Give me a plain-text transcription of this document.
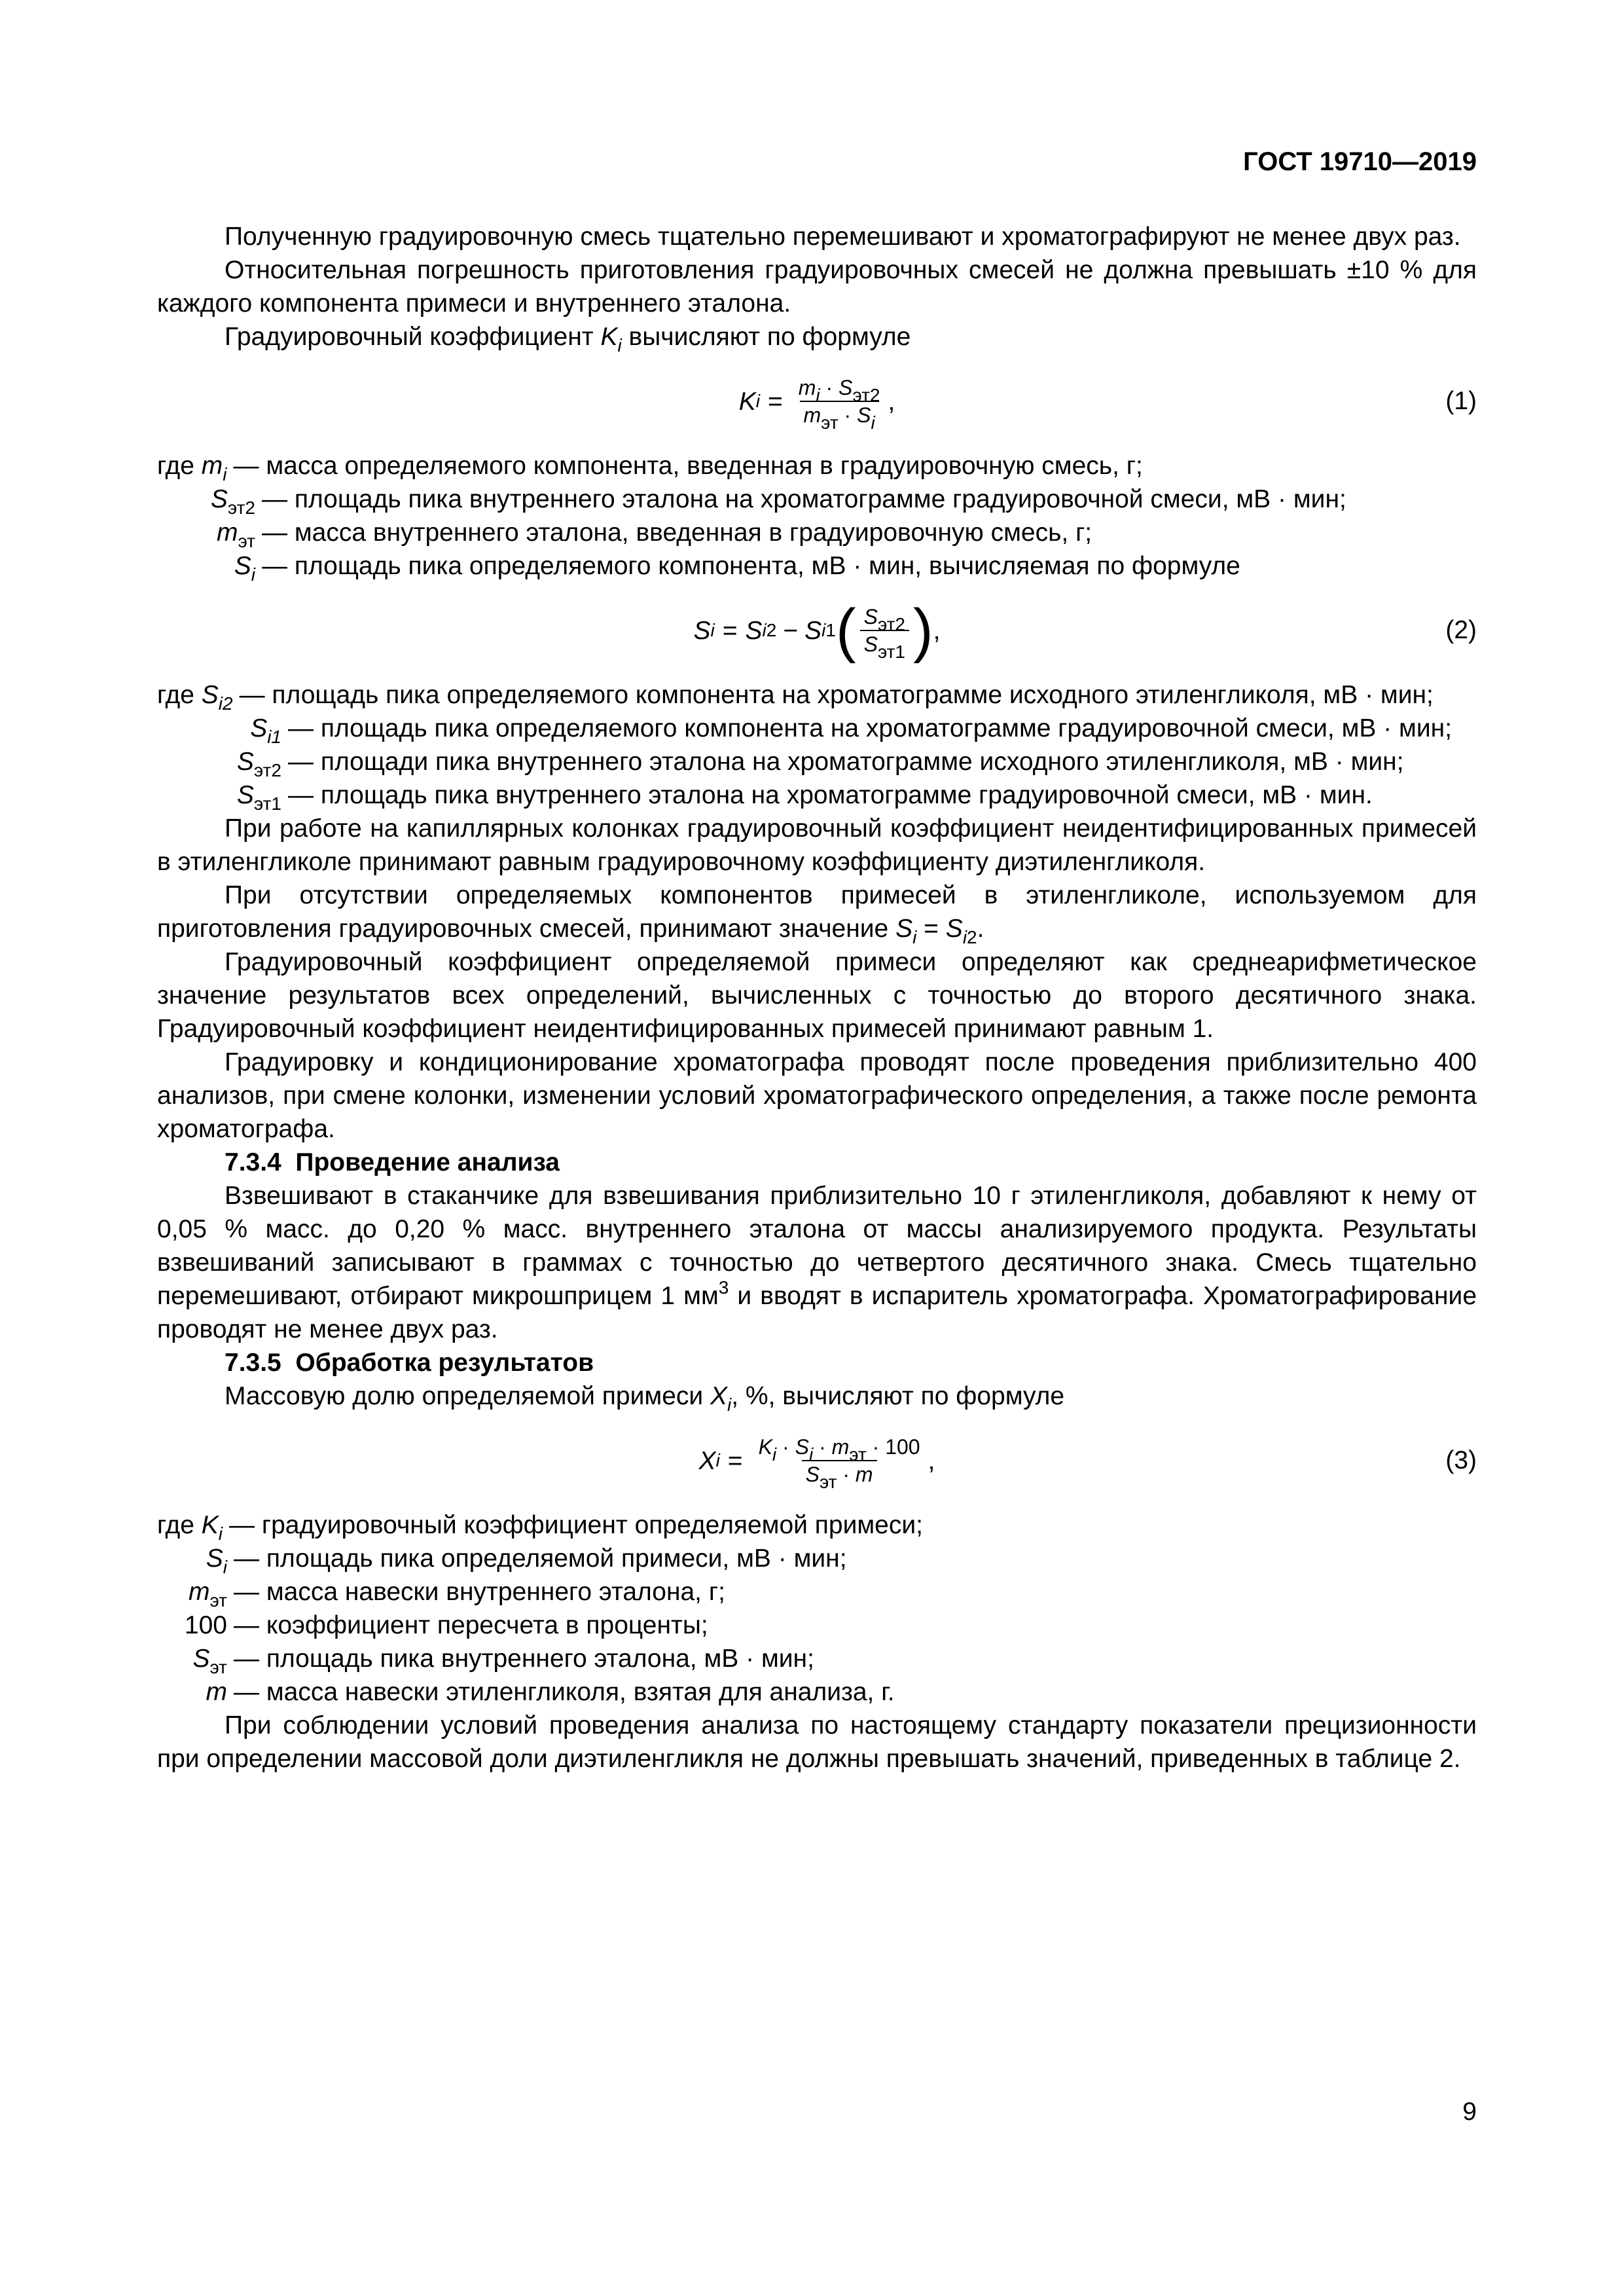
ГОСТ 19710—2019

Полученную градуировочную смесь тщательно перемешивают и хроматографируют не менее двух раз.

Относительная погрешность приготовления градуировочных смесей не должна превышать ±10 % для каждого компонента примеси и внутреннего эталона.

Градуировочный коэффициент $K_i$ вычисляют по формуле

K $i = \frac{m_i \cdot S_{эт2}}{m_{эт} \cdot S_i}$ ,	(1)
где $m_i$ — масса определяемого компонента, введенная в градуировочную смесь, г;
$S_{эт2}$ — площадь пика внутреннего эталона на хроматограмме градуировочной смеси, мВ · мин;
$m_{эт}$ — масса внутреннего эталона, введенная в градуировочную смесь, г;
$S_i$ — площадь пика определяемого компонента, мВ · мин, вычисляемая по формуле
S i = S i2 − S i1 ( $\frac{S_{эт2}}{S_{эт1}}$ ) ,	(2)
где $S_{i2}$ — площадь пика определяемого компонента на хроматограмме исходного этиленгликоля, мВ · мин;
$S_{i1}$ — площадь пика определяемого компонента на хроматограмме градуировочной смеси, мВ · мин;
$S_{эт2}$ — площади пика внутреннего эталона на хроматограмме исходного этиленгликоля, мВ · мин;
$S_{эт1}$ — площадь пика внутреннего эталона на хроматограмме градуировочной смеси, мВ · мин.

При работе на капиллярных колонках градуировочный коэффициент неидентифицированных примесей в этиленгликоле принимают равным градуировочному коэффициенту диэтиленгликоля.

При отсутствии определяемых компонентов примесей в этиленгликоле, используемом для приготовления градуировочных смесей, принимают значение $S_i = S_{i2}$.

Градуировочный коэффициент определяемой примеси определяют как среднеарифметическое значение результатов всех определений, вычисленных с точностью до второго десятичного знака. Градуировочный коэффициент неидентифицированных примесей принимают равным 1.

Градуировку и кондиционирование хроматографа проводят после проведения приблизительно 400 анализов, при смене колонки, изменении условий хроматографического определения, а также после ремонта хроматографа.

7.3.4 Проведение анализа

Взвешивают в стаканчике для взвешивания приблизительно 10 г этиленгликоля, добавляют к нему от 0,05 % масс. до 0,20 % масс. внутреннего эталона от массы анализируемого продукта. Результаты взвешиваний записывают в граммах с точностью до четвертого десятичного знака. Смесь тщательно перемешивают, отбирают микрошприцем 1 $мм^3$ и вводят в испаритель хроматографа. Хроматографирование проводят не менее двух раз.

7.3.5 Обработка результатов

Массовую долю определяемой примеси $X_i$, %, вычисляют по формуле

X $i = \frac{K_i \cdot S_i \cdot m_{эт} \cdot 100}{S_{эт} \cdot m}$ ,	(3)
где $K_i$ — градуировочный коэффициент определяемой примеси;
$S_i$ — площадь пика определяемой примеси, мВ · мин;
$m_{эт}$ — масса навески внутреннего эталона, г;
100 — коэффициент пересчета в проценты;
$S_{эт}$ — площадь пика внутреннего эталона, мВ · мин;
m — масса навески этиленгликоля, взятая для анализа, г.

При соблюдении условий проведения анализа по настоящему стандарту показатели прецизионности при определении массовой доли диэтиленгликля не должны превышать значений, приведенных в таблице 2.

9
